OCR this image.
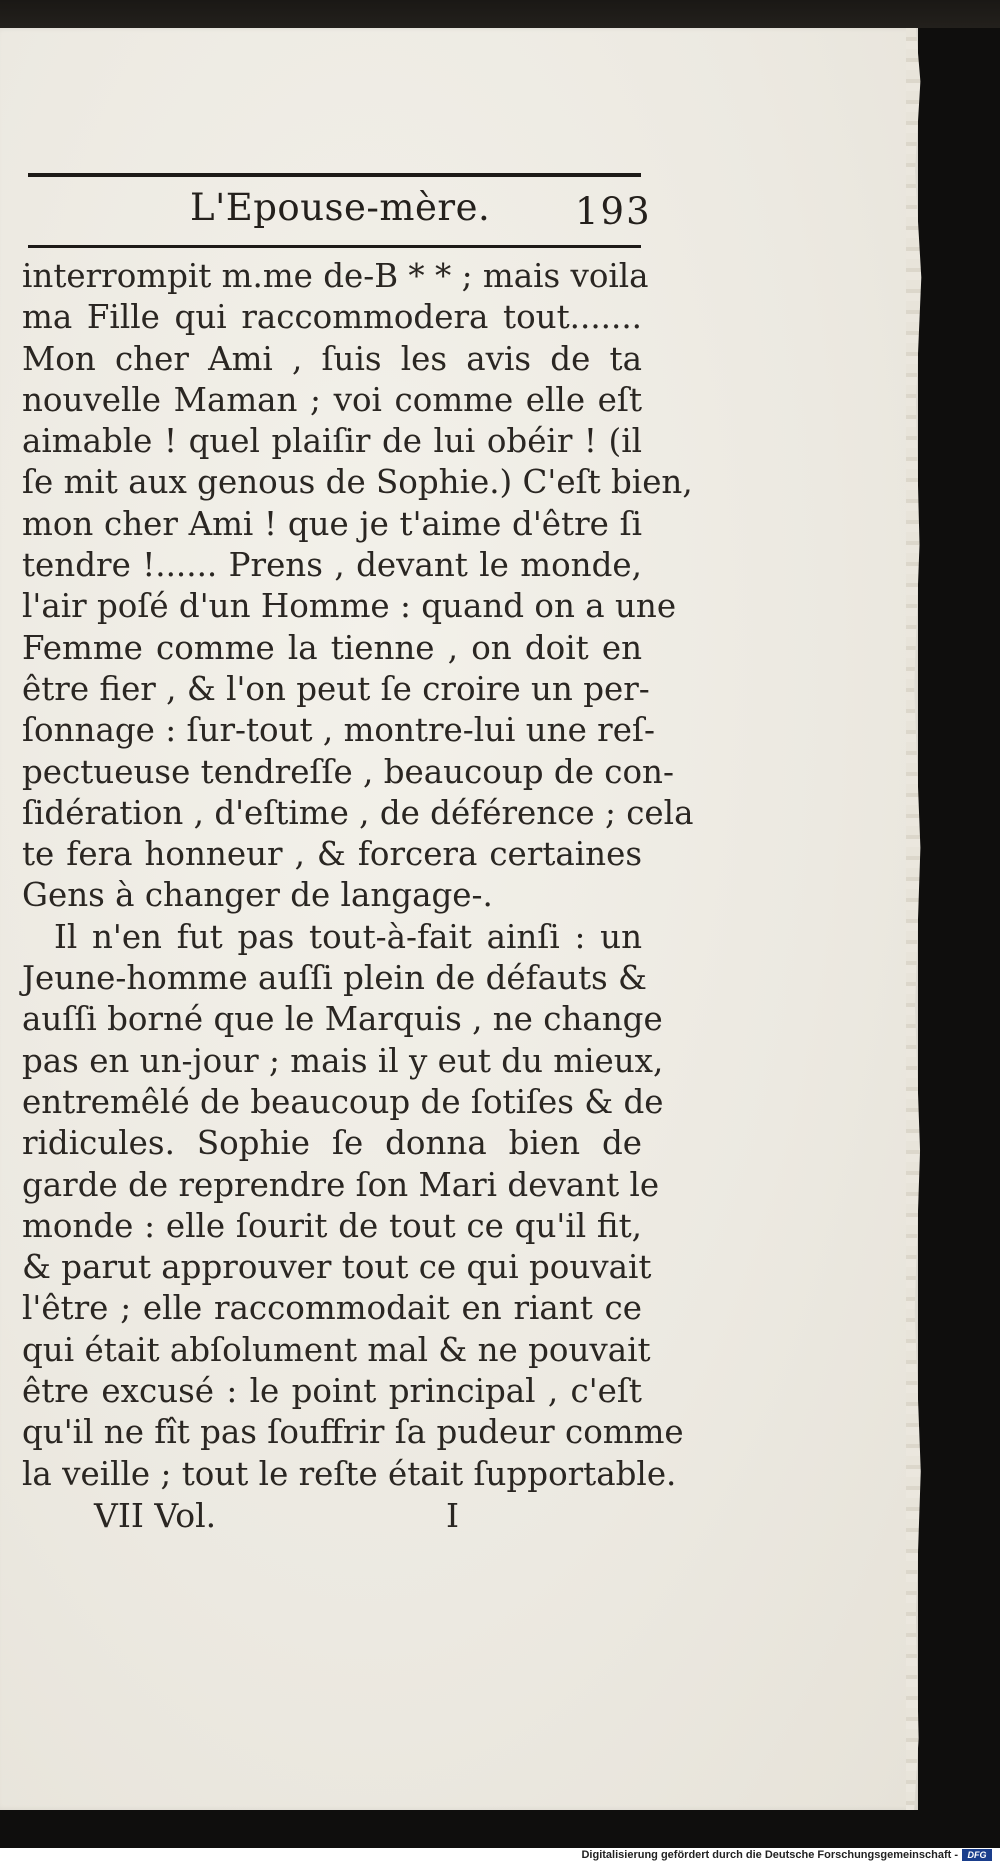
L'Epouse-mère. 193
interrompit m.me de-B * * ; mais voila
ma Fille qui raccommodera tout.......
Mon cher Ami , ſuis les avis de ta
nouvelle Maman ; voi comme elle eſt
aimable ! quel plaiſir de lui obéir ! (il
ſe mit aux genous de Sophie.) C'eſt bien,
mon cher Ami ! que je t'aime d'être ſi
tendre !...... Prens , devant le monde,
l'air poſé d'un Homme : quand on a une
Femme comme la tienne , on doit en
être fier , & l'on peut ſe croire un per-
ſonnage : ſur-tout , montre-lui une reſ-
pectueuse tendreſſe , beaucoup de con-
ſidération , d'eſtime , de déférence ; cela
te fera honneur , & forcera certaines
Gens à changer de langage-.
Il n'en fut pas tout-à-fait ainſi : un
Jeune-homme auſſi plein de défauts &
auſſi borné que le Marquis , ne change
pas en un-jour ; mais il y eut du mieux,
entremêlé de beaucoup de ſotiſes & de
ridicules. Sophie ſe donna bien de
garde de reprendre ſon Mari devant le
monde : elle ſourit de tout ce qu'il fit,
& parut approuver tout ce qui pouvait
l'être ; elle raccommodait en riant ce
qui était abſolument mal & ne pouvait
être excusé : le point principal , c'eſt
qu'il ne fît pas ſouffrir ſa pudeur comme
la veille ; tout le reſte était ſupportable.
VII Vol.	I
Digitalisierung gefördert durch die Deutsche Forschungsgemeinschaft -	DFG
